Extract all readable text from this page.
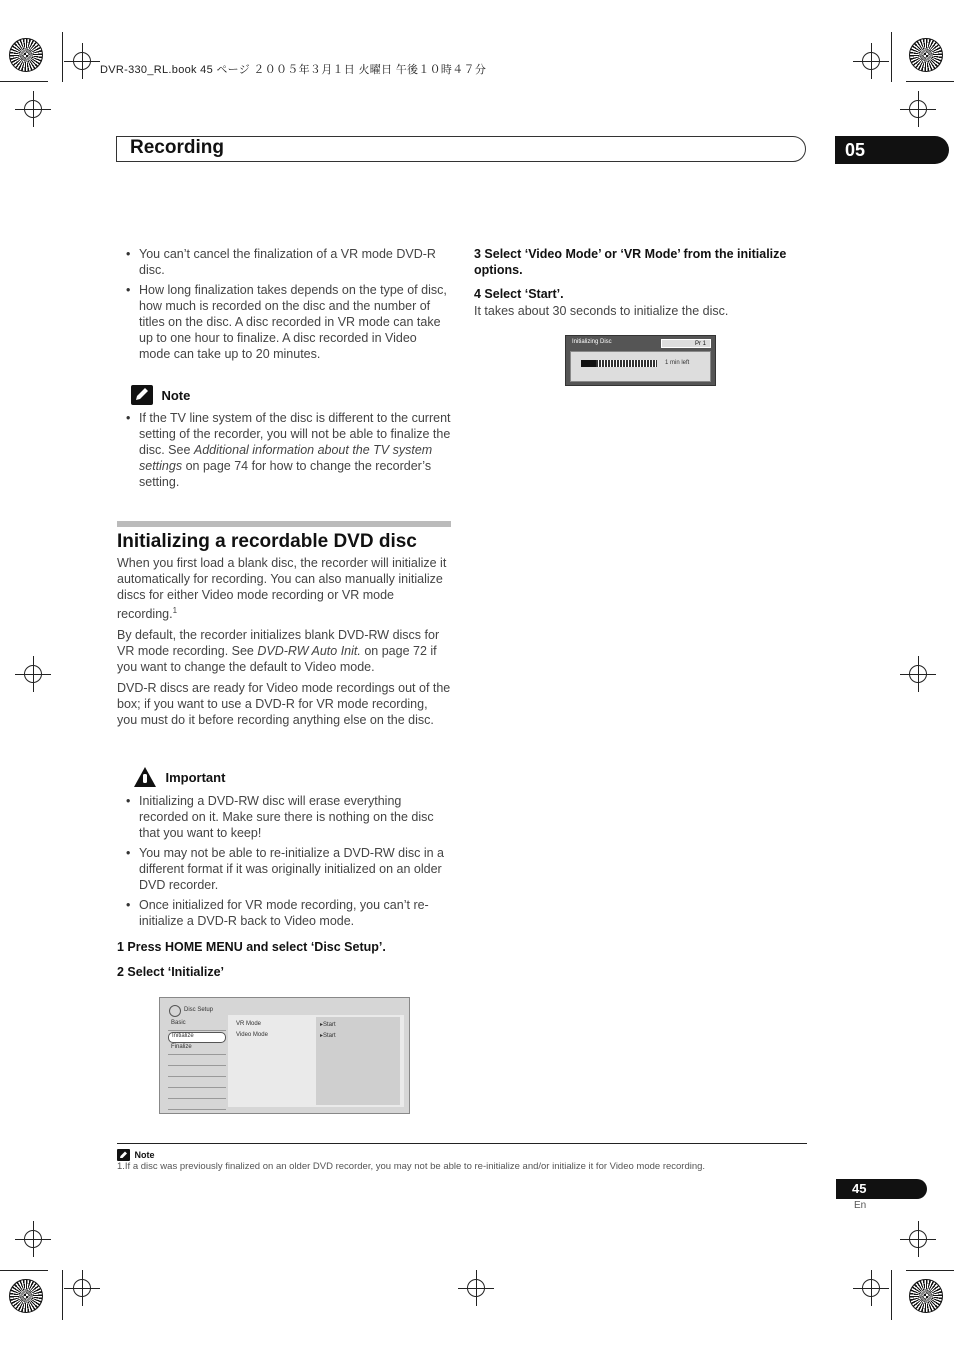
DVR-330_RL.book 45 ページ ２００５年３月１日 火曜日 午後１０時４７分
Recording	05
• You can’t cancel the finalization of a VR mode DVD-R disc.
• How long finalization takes depends on the type of disc, how much is recorded on the disc and the number of titles on the disc. A disc recorded in VR mode can take up to one hour to finalize. A disc recorded in Video mode can take up to 20 minutes.
Note
• If the TV line system of the disc is different to the current setting of the recorder, you will not be able to finalize the disc. See Additional information about the TV system settings on page 74 for how to change the recorder’s setting.
Initializing a recordable DVD disc
When you first load a blank disc, the recorder will initialize it automatically for recording. You can also manually initialize discs for either Video mode recording or VR mode recording.$^1$
By default, the recorder initializes blank DVD-RW discs for VR mode recording. See DVD-RW Auto Init. on page 72 if you want to change the default to Video mode.
DVD-R discs are ready for Video mode recordings out of the box; if you want to use a DVD-R for VR mode recording, you must do it before recording anything else on the disc.
Important
• Initializing a DVD-RW disc will erase everything recorded on it. Make sure there is nothing on the disc that you want to keep!
• You may not be able to re-initialize a DVD-RW disc in a different format if it was originally initialized on an older DVD recorder.
• Once initialized for VR mode recording, you can’t re-initialize a DVD-R back to Video mode.
1 Press HOME MENU and select ‘Disc Setup’.
2 Select ‘Initialize’
Disc Setup
Basic
Initialize
Finalize
VR Mode
Video Mode
▸Start
▸Start
3 Select ‘Video Mode’ or ‘VR Mode’ from the initialize options.
4 Select ‘Start’.
It takes about 30 seconds to initialize the disc.
Initializing Disc	Pr 1
1 min left
Note
1.If a disc was previously finalized on an older DVD recorder, you may not be able to re-initialize and/or initialize it for Video mode recording.
45
En
